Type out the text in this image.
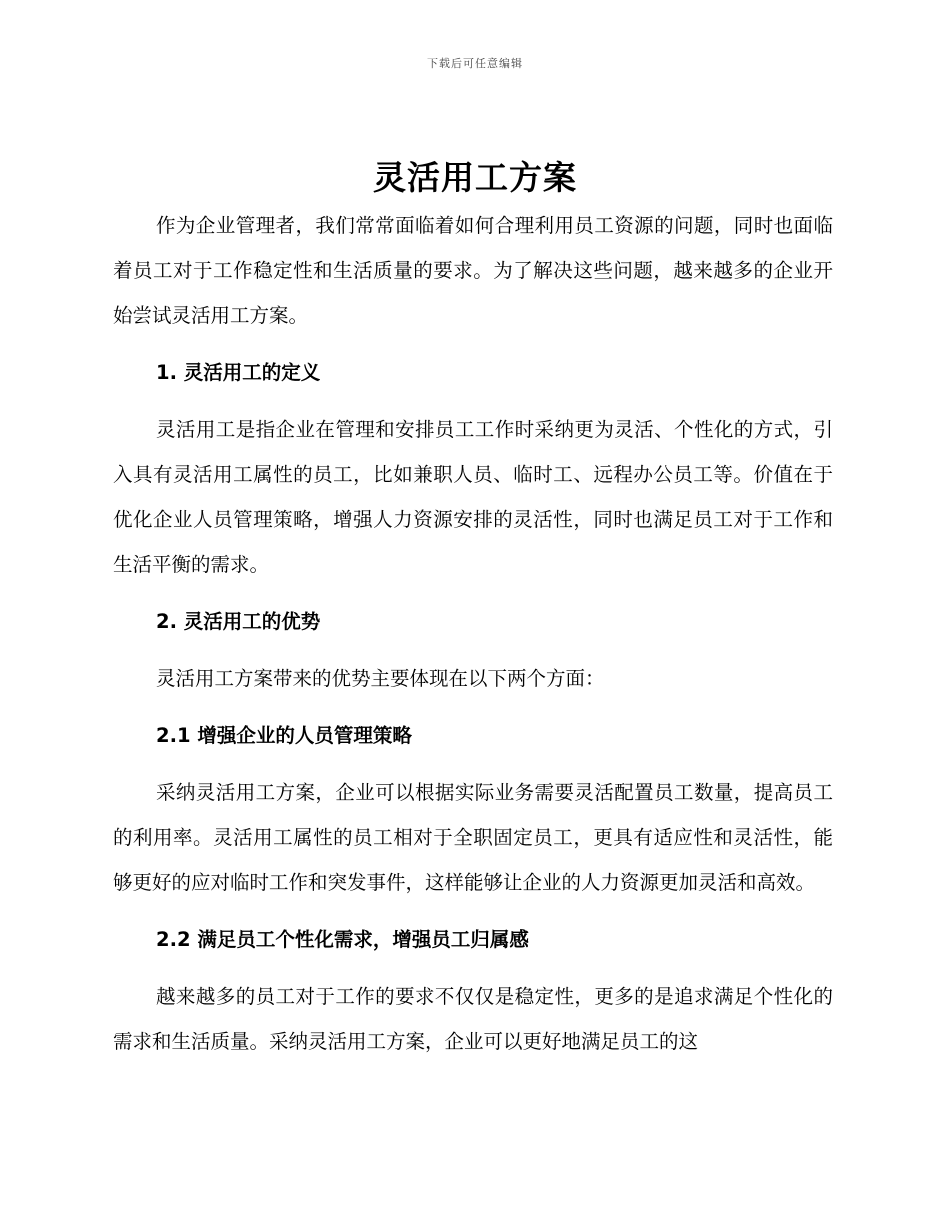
下载后可任意编辑
灵活用工方案

作为企业管理者，我们常常面临着如何合理利用员工资源的问题，同时也面临着员工对于工作稳定性和生活质量的要求。为了解决这些问题，越来越多的企业开始尝试灵活用工方案。

1. 灵活用工的定义

灵活用工是指企业在管理和安排员工工作时采纳更为灵活、个性化的方式，引入具有灵活用工属性的员工，比如兼职人员、临时工、远程办公员工等。价值在于优化企业人员管理策略，增强人力资源安排的灵活性，同时也满足员工对于工作和生活平衡的需求。

2. 灵活用工的优势

灵活用工方案带来的优势主要体现在以下两个方面：

2.1 增强企业的人员管理策略

采纳灵活用工方案，企业可以根据实际业务需要灵活配置员工数量，提高员工的利用率。灵活用工属性的员工相对于全职固定员工，更具有适应性和灵活性，能够更好的应对临时工作和突发事件，这样能够让企业的人力资源更加灵活和高效。

2.2 满足员工个性化需求，增强员工归属感

越来越多的员工对于工作的要求不仅仅是稳定性，更多的是追求满足个性化的需求和生活质量。采纳灵活用工方案，企业可以更好地满足员工的这
